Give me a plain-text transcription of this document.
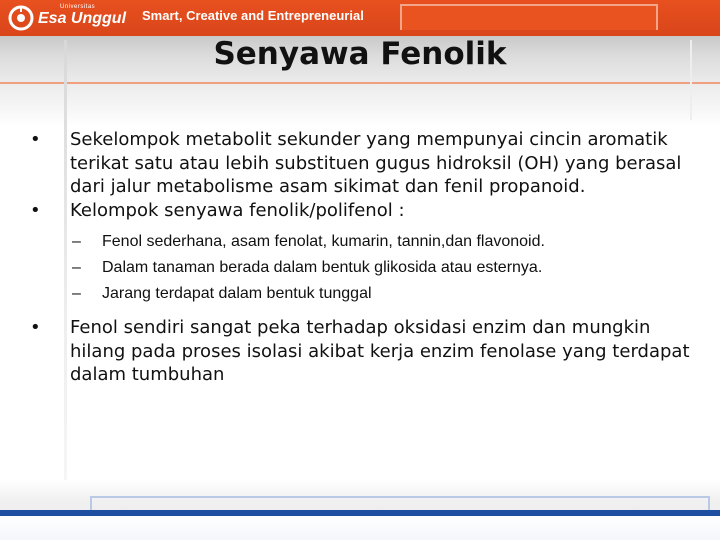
Universitas
Esa Unggul Smart, Creative and Entrepreneurial
Senyawa Fenolik
•	Sekelompok metabolit sekunder yang mempunyai cincin aromatik terikat satu atau lebih substituen gugus hidroksil (OH) yang berasal dari jalur metabolisme asam sikimat dan fenil propanoid.
•	Kelompok senyawa fenolik/polifenol :
– Fenol sederhana, asam fenolat, kumarin, tannin,dan flavonoid.
– Dalam tanaman berada dalam bentuk glikosida atau esternya.
– Jarang terdapat dalam bentuk tunggal
•	Fenol sendiri sangat peka terhadap oksidasi enzim dan mungkin hilang pada proses isolasi akibat kerja enzim fenolase yang terdapat dalam tumbuhan
